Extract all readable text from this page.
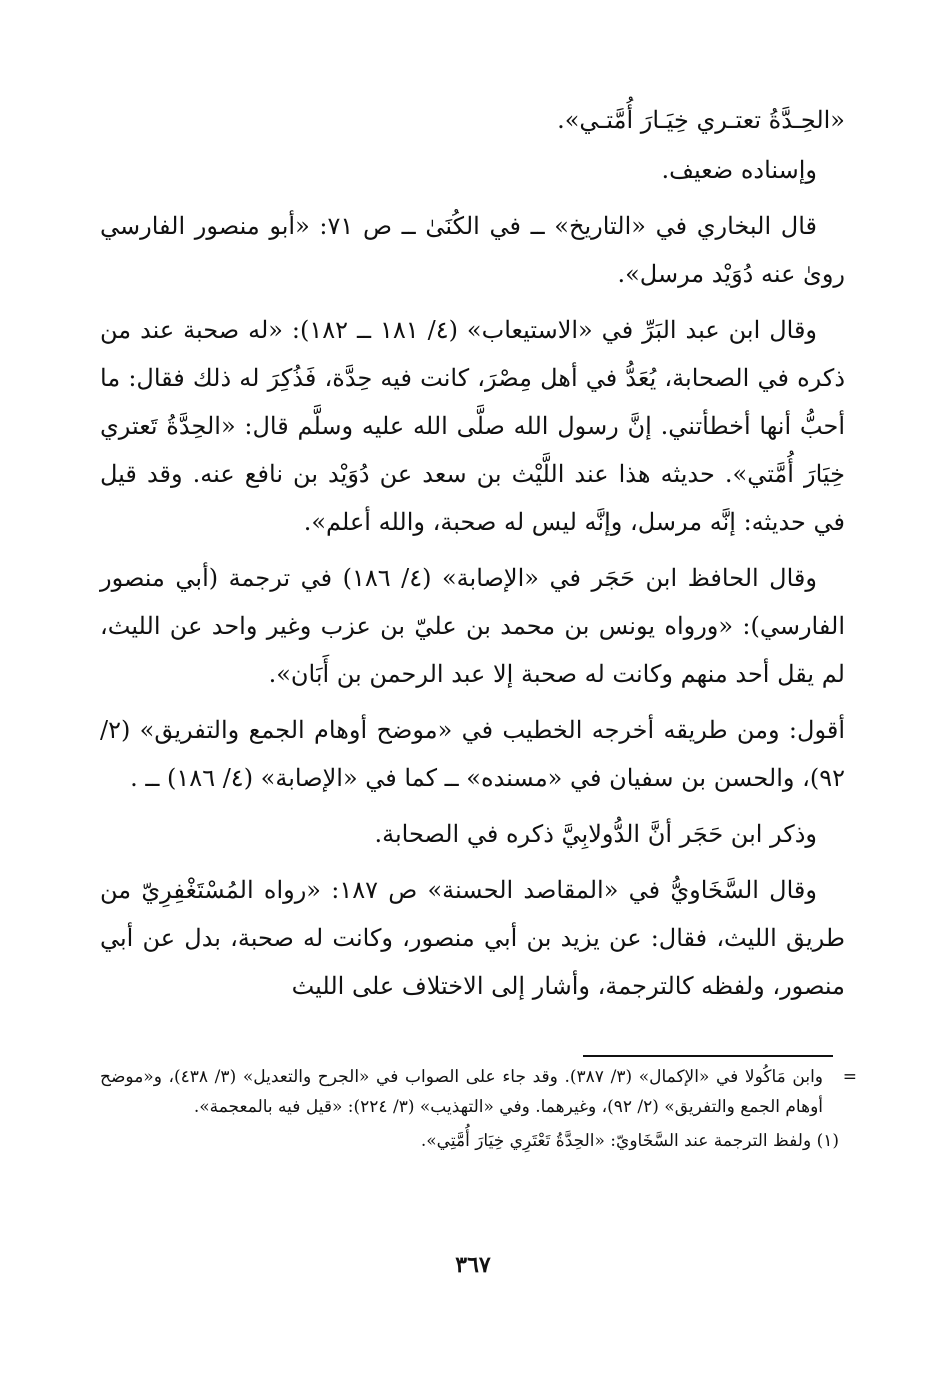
«الحِـدَّةُ تعتـري خِيَـارَ أُمَّتـي».

وإسناده ضعيف.

قال البخاري في «التاريخ» ــ في الكُنَىٰ ــ ص ٧١: «أبو منصور الفارسي روىٰ عنه دُوَيْد مرسل».

وقال ابن عبد البَرِّ في «الاستيعاب» (٤/ ١٨١ ــ ١٨٢): «له صحبة عند من ذكره في الصحابة، يُعَدُّ في أهل مِصْرَ، كانت فيه حِدَّة، فَذُكِرَ له ذلك فقال: ما أحبُّ أنها أخطأتني. إنَّ رسول الله صلَّى الله عليه وسلَّم قال: «الحِدَّةُ تَعتري خِيَارَ أُمَّتي». حديثه هذا عند اللَّيْث بن سعد عن دُوَيْد بن نافع عنه. وقد قيل في حديثه: إنَّه مرسل، وإنَّه ليس له صحبة، والله أعلم».

وقال الحافظ ابن حَجَر في «الإصابة» (٤/ ١٨٦) في ترجمة (أبي منصور الفارسي): «ورواه يونس بن محمد بن عليّ بن عزب وغير واحد عن الليث، لم يقل أحد منهم وكانت له صحبة إلا عبد الرحمن بن أَبَان».

أقول: ومن طريقه أخرجه الخطيب في «موضح أوهام الجمع والتفريق» (٢/ ٩٢)، والحسن بن سفيان في «مسنده» ــ كما في «الإصابة» (٤/ ١٨٦) ــ .

وذكر ابن حَجَر أنَّ الدُّولابِيَّ ذكره في الصحابة.

وقال السَّخَاويُّ في «المقاصد الحسنة» ص ١٨٧: «رواه المُسْتَغْفِرِيّ من طريق الليث، فقال: عن يزيد بن أبي منصور، وكانت له صحبة، بدل عن أبي منصور، ولفظه كالترجمة، وأشار إلى الاختلاف على الليث

=
وابن مَاكُولا في «الإكمال» (٣/ ٣٨٧). وقد جاء على الصواب في «الجرح والتعديل» (٣/ ٤٣٨)، و«موضح أوهام الجمع والتفريق» (٢/ ٩٢)، وغيرهما. وفي «التهذيب» (٣/ ٢٢٤): «قيل فيه بالمعجمة».

(١) ولفظ الترجمة عند السَّخَاويّ: «الحِدَّةُ تَعْتَرِي خِيَارَ أُمَّتِي».

٣٦٧
